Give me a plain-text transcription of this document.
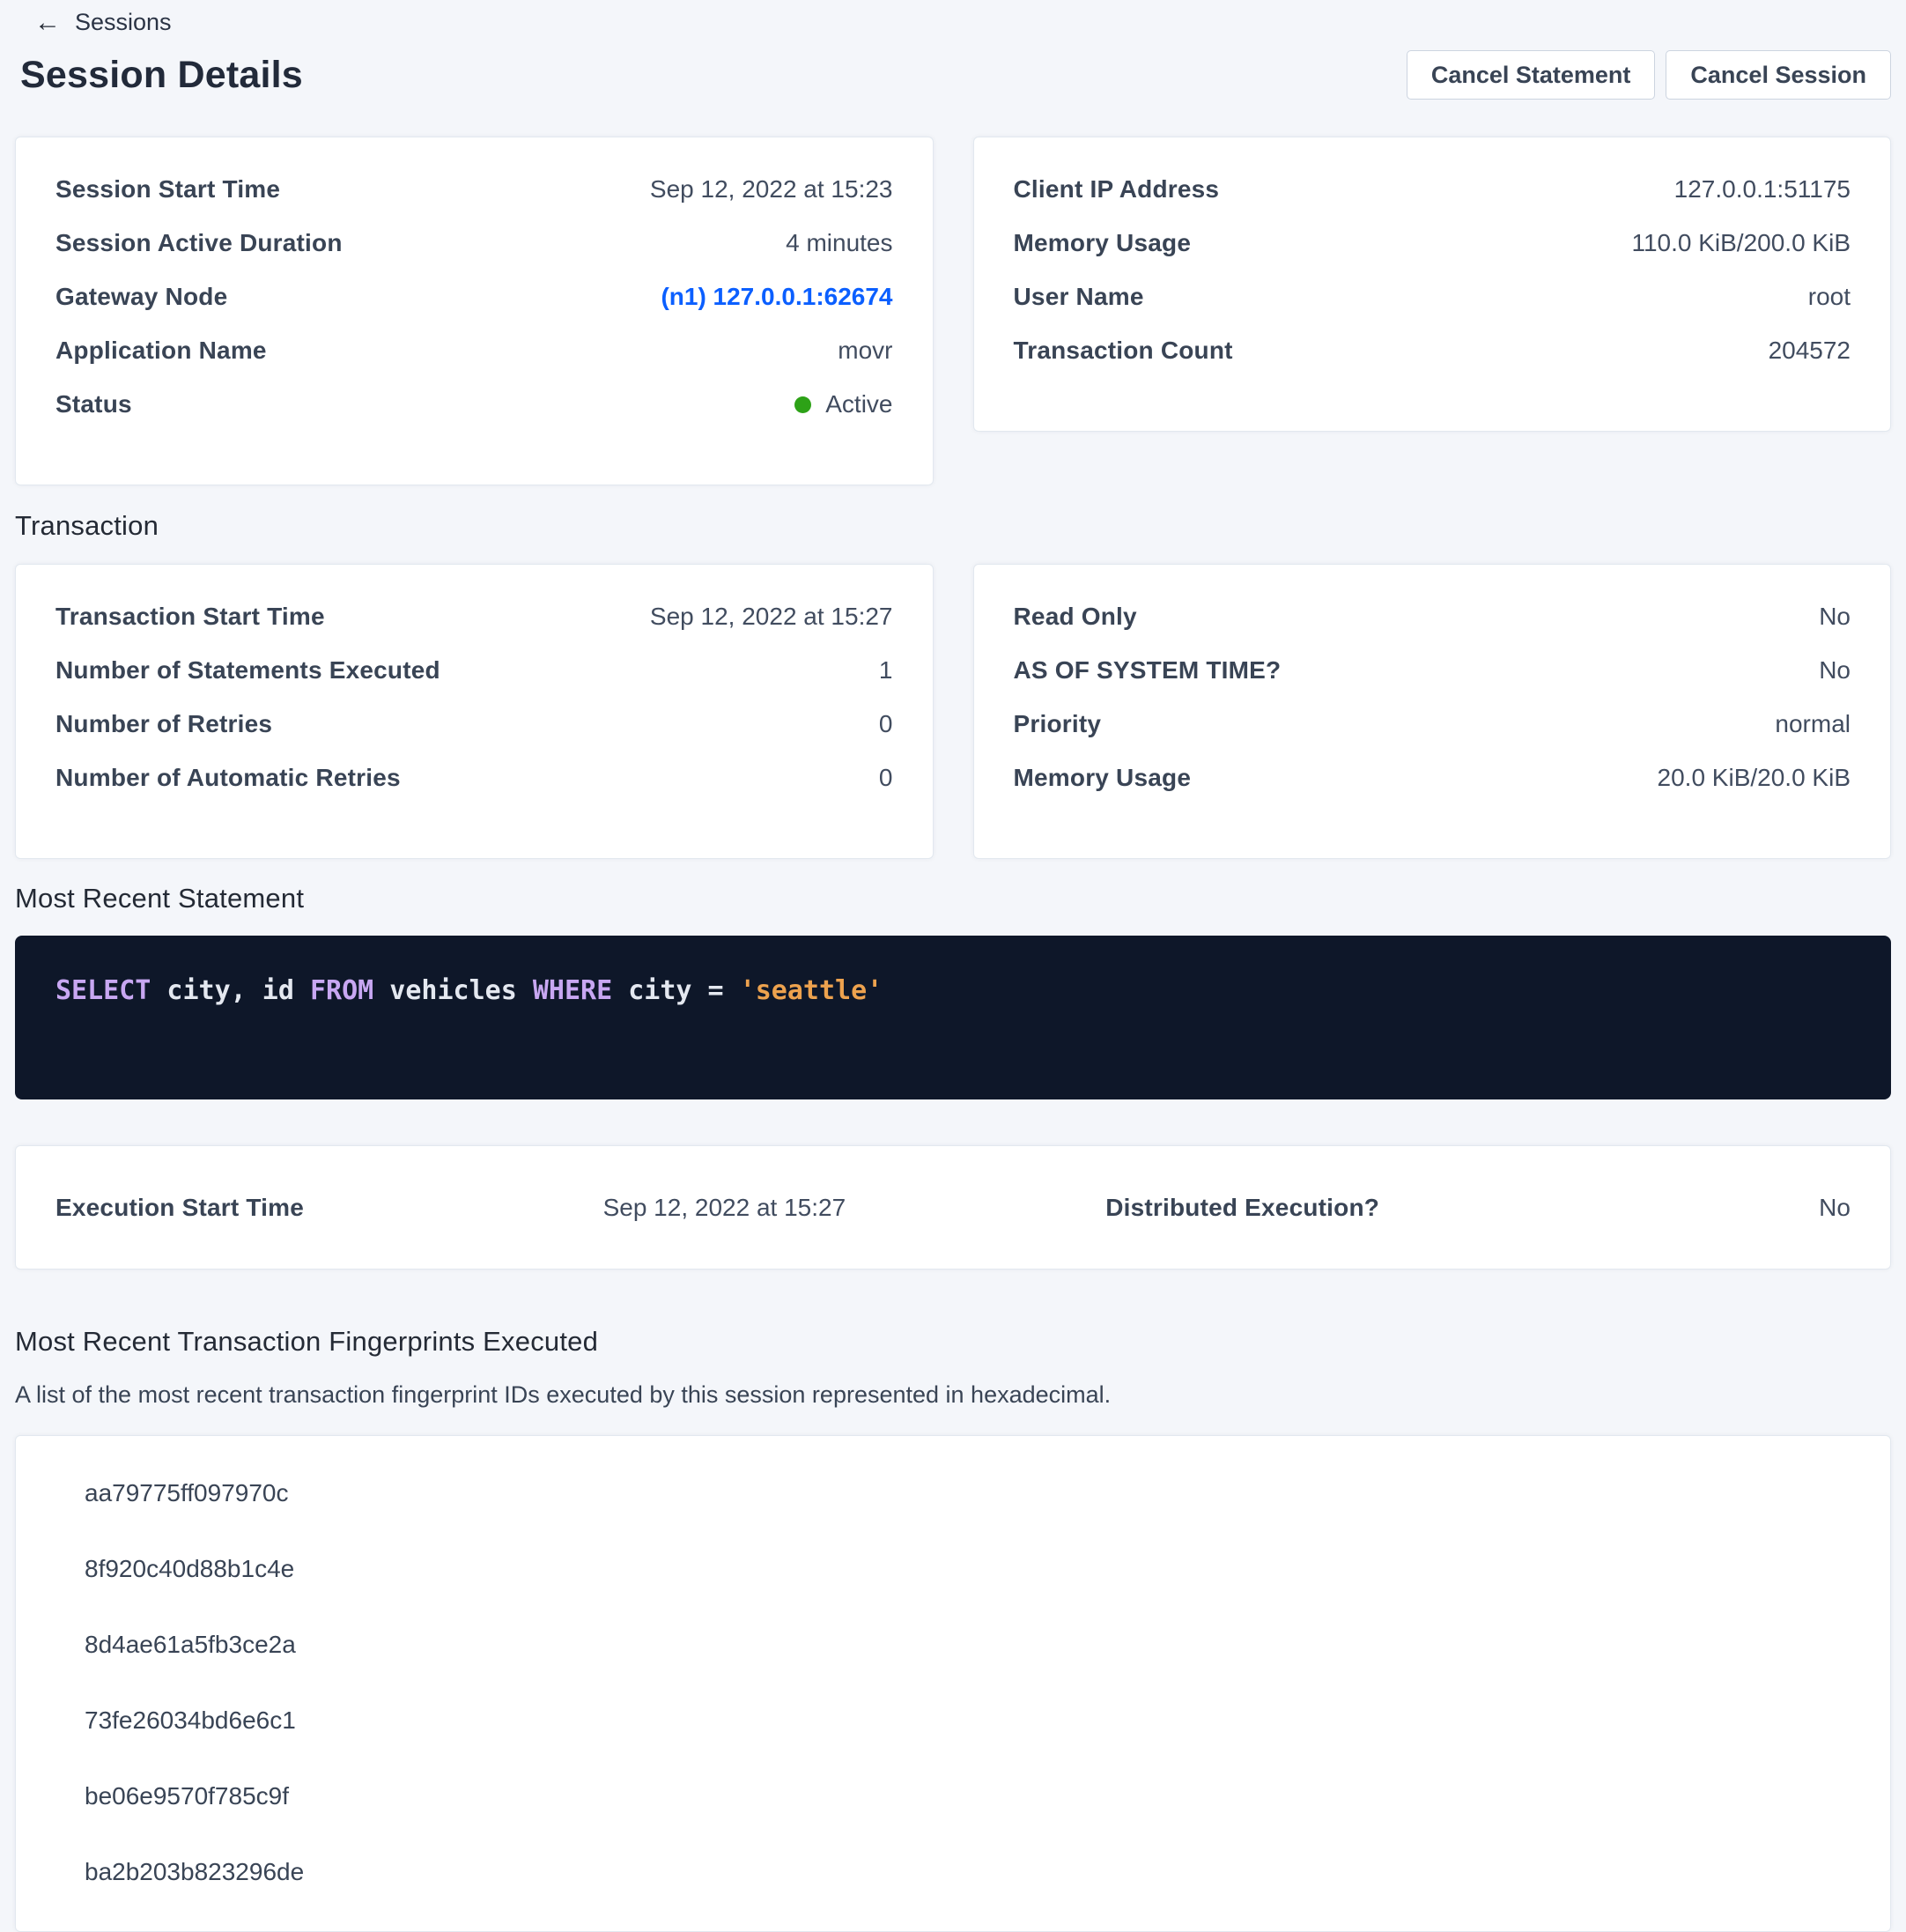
← Sessions
Session Details	Cancel Statement	Cancel Session
Session Start Time	Sep 12, 2022 at 15:23
Session Active Duration	4 minutes
Gateway Node	(n1) 127.0.0.1:62674
Application Name	movr
Status	Active
Client IP Address	127.0.0.1:51175
Memory Usage	110.0 KiB/200.0 KiB
User Name	root
Transaction Count	204572
Transaction
Transaction Start Time	Sep 12, 2022 at 15:27
Number of Statements Executed	1
Number of Retries	0
Number of Automatic Retries	0
Read Only	No
AS OF SYSTEM TIME?	No
Priority	normal
Memory Usage	20.0 KiB/20.0 KiB
Most Recent Statement
SELECT city, id FROM vehicles WHERE city = 'seattle'
Execution Start Time	Sep 12, 2022 at 15:27	Distributed Execution?	No
Most Recent Transaction Fingerprints Executed
A list of the most recent transaction fingerprint IDs executed by this session represented in hexadecimal.
aa79775ff097970c
8f920c40d88b1c4e
8d4ae61a5fb3ce2a
73fe26034bd6e6c1
be06e9570f785c9f
ba2b203b823296de
